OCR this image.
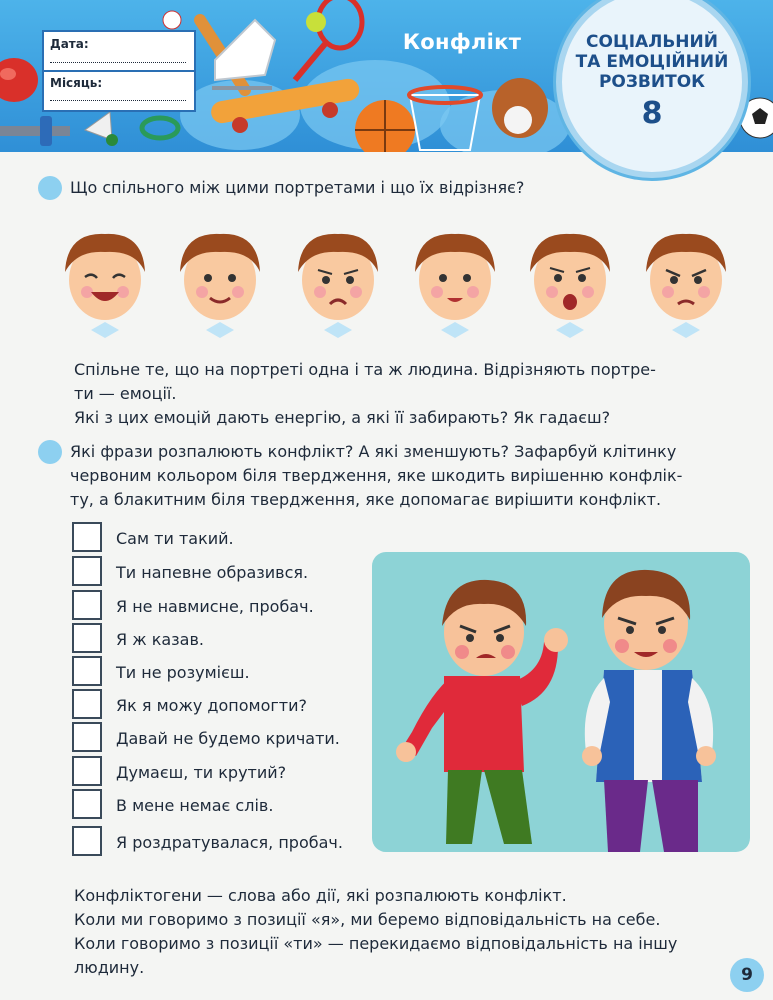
Дата:
Місяць:
Конфлікт	СОЦІАЛЬНИЙ
ТА ЕМОЦІЙНИЙ
РОЗВИТОК
8
Що спільного між цими портретами і що їх відрізняє?
Спільне те, що на портреті одна і та ж людина. Відрізняють портре-
ти — емоції.
Які з цих емоцій дають енергію, а які її забирають? Як гадаєш?
Які фрази розпалюють конфлікт? А які зменшують? Зафарбуй клітинку
червоним кольором біля твердження, яке шкодить вирішенню конфлік-
ту, а блакитним біля твердження, яке допомагає вирішити конфлікт.
Сам ти такий.
Ти напевне образився.
Я не навмисне, пробач.
Я ж казав.
Ти не розумієш.
Як я можу допомогти?
Давай не будемо кричати.
Думаєш, ти крутий?
В мене немає слів.
Я роздратувалася, пробач.
Конфліктогени — слова або дії, які розпалюють конфлікт.
Коли ми говоримо з позиції «я», ми беремо відповідальність на себе.
Коли говоримо з позиції «ти» — перекидаємо відповідальність на іншу
людину.	9
